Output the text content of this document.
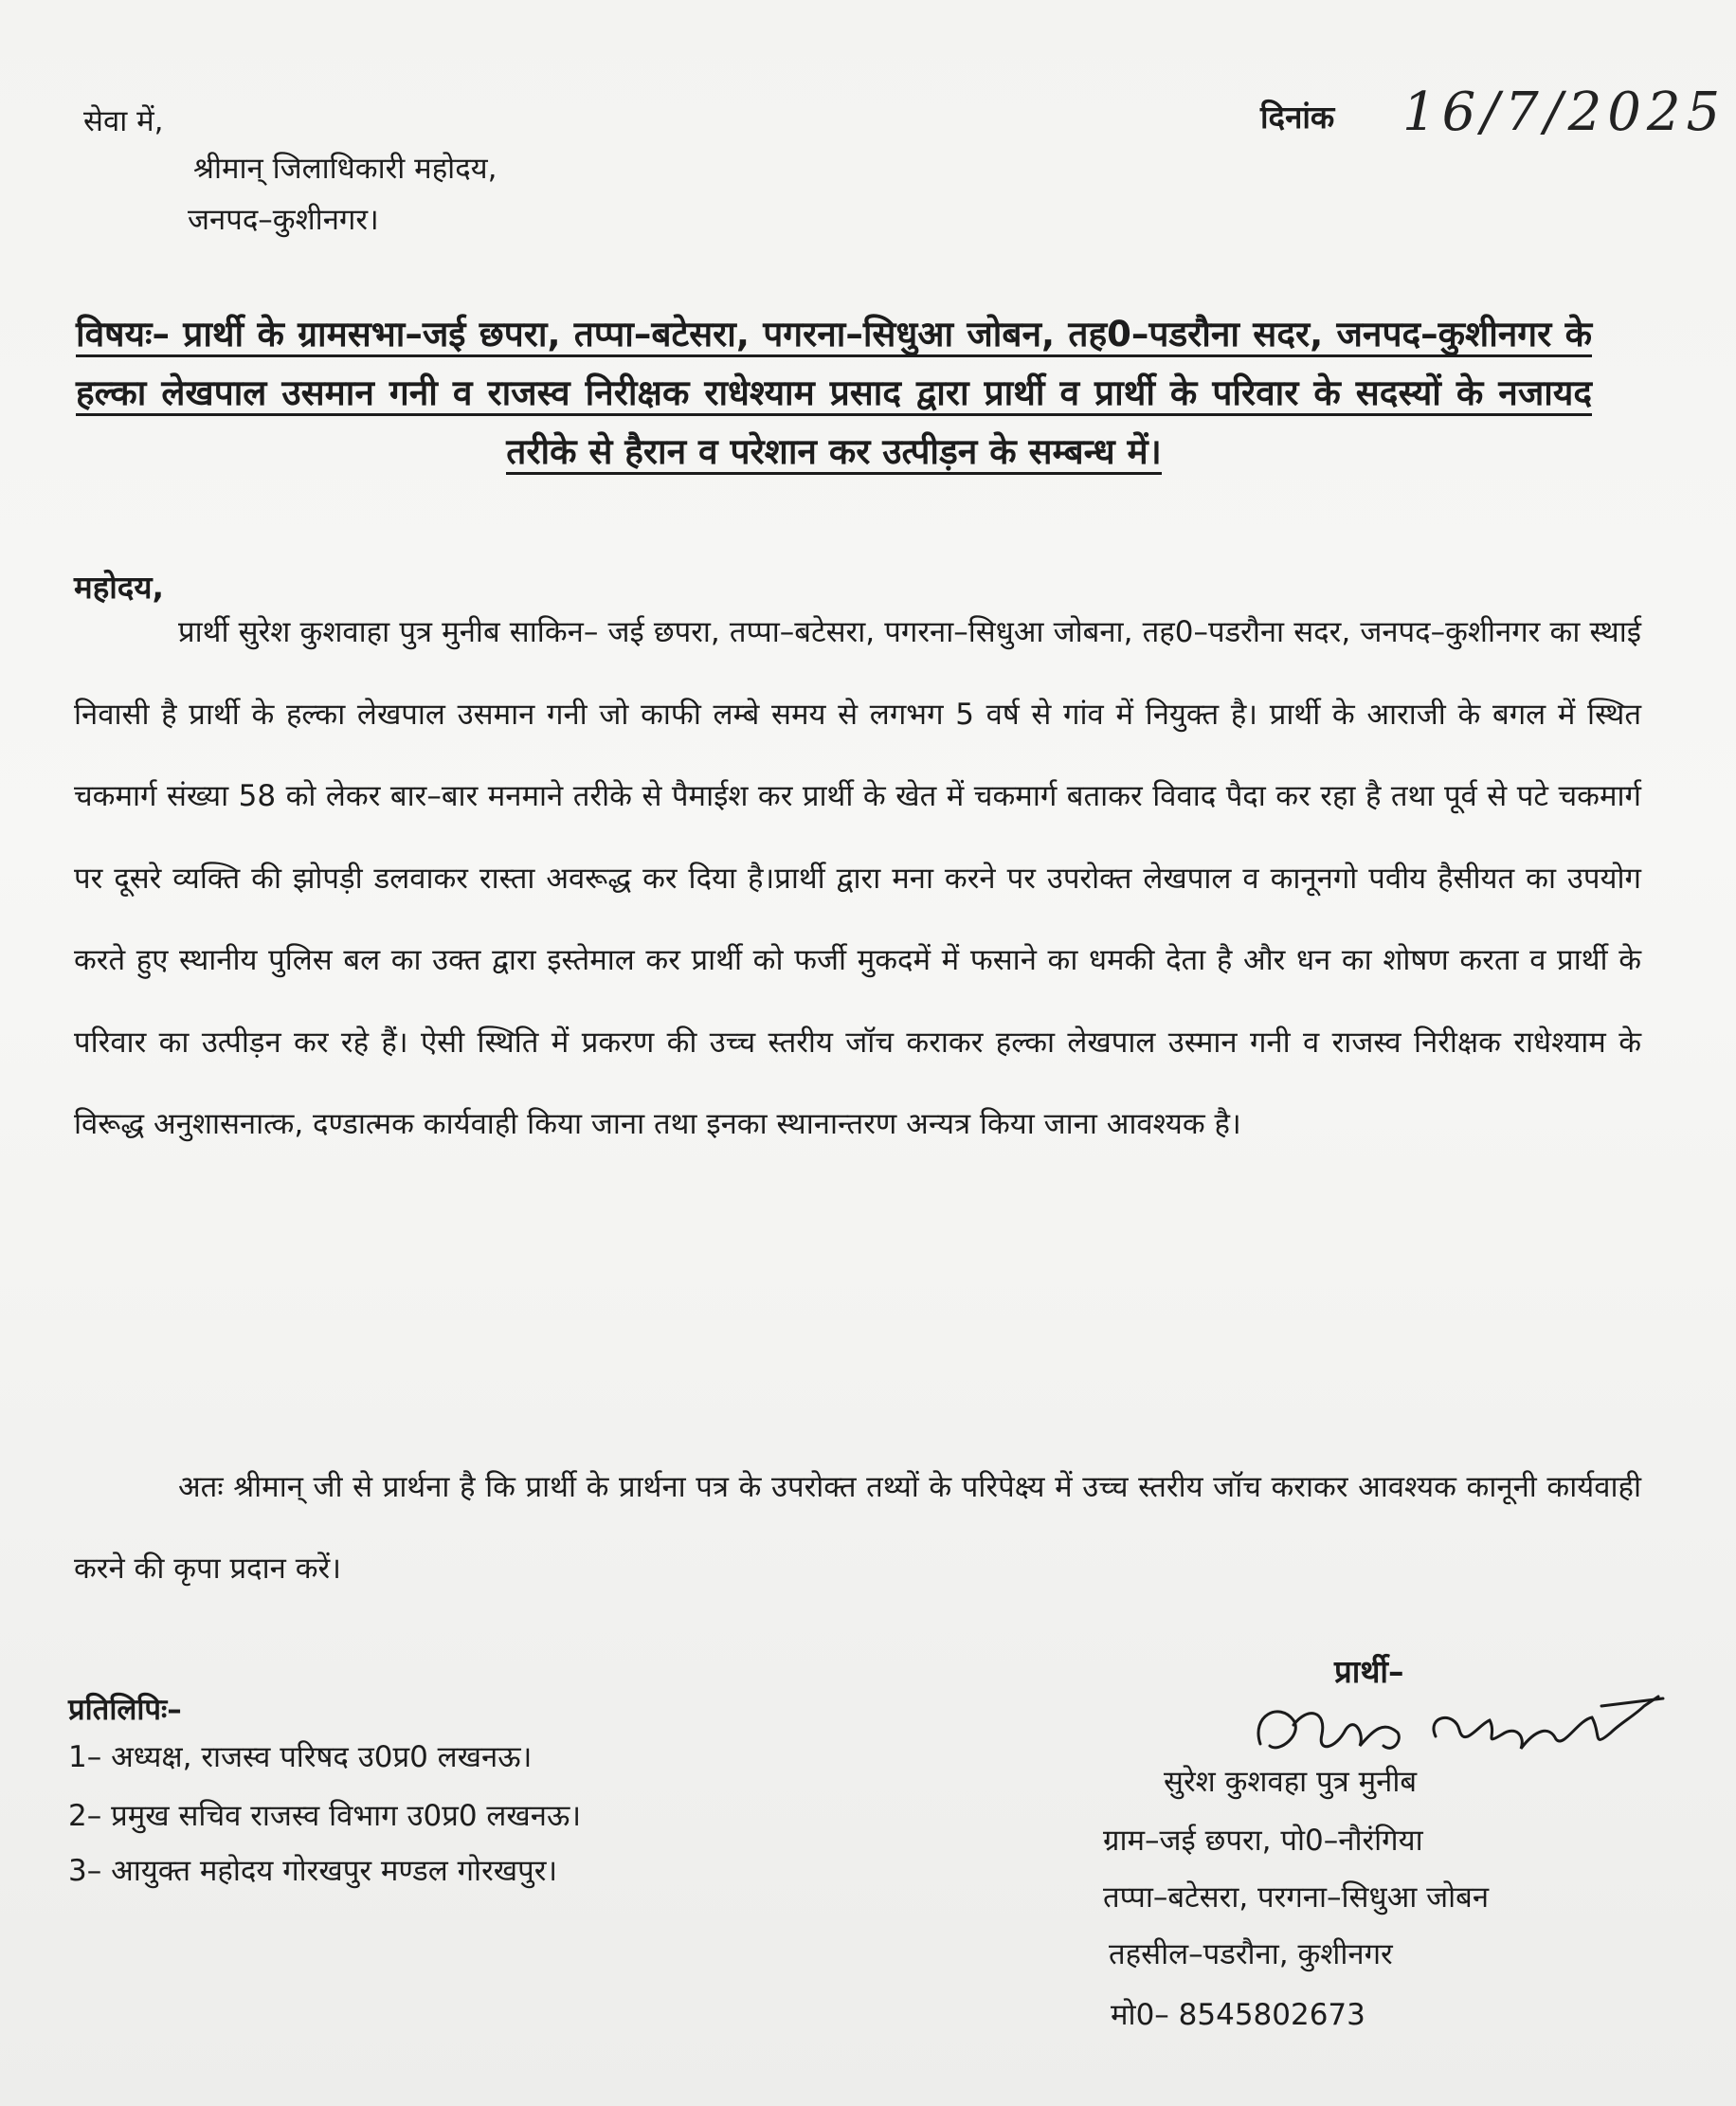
सेवा में,
श्रीमान् जिलाधिकारी महोदय,
जनपद–कुशीनगर।
दिनांक 16/7/2025
विषयः– प्रार्थी के ग्रामसभा–जई छपरा, तप्पा–बटेसरा, पगरना–सिधुआ जोबन, तह0–पडरौना सदर, जनपद–कुशीनगर के हल्का लेखपाल उसमान गनी व राजस्व निरीक्षक राधेश्याम प्रसाद द्वारा प्रार्थी व प्रार्थी के परिवार के सदस्यों के नजायद तरीके से हैरान व परेशान कर उत्पीड़न के सम्बन्ध में।
महोदय,

प्रार्थी सुरेश कुशवाहा पुत्र मुनीब साकिन– जई छपरा, तप्पा–बटेसरा, पगरना–सिधुआ जोबना, तह0–पडरौना सदर, जनपद–कुशीनगर का स्थाई निवासी है प्रार्थी के हल्का लेखपाल उसमान गनी जो काफी लम्बे समय से लगभग 5 वर्ष से गांव में नियुक्त है। प्रार्थी के आराजी के बगल में स्थित चकमार्ग संख्या 58 को लेकर बार–बार मनमाने तरीके से पैमाईश कर प्रार्थी के खेत में चकमार्ग बताकर विवाद पैदा कर रहा है तथा पूर्व से पटे चकमार्ग पर दूसरे व्यक्ति की झोपड़ी डलवाकर रास्ता अवरूद्ध कर दिया है।प्रार्थी द्वारा मना करने पर उपरोक्त लेखपाल व कानूनगो पवीय हैसीयत का उपयोग करते हुए स्थानीय पुलिस बल का उक्त द्वारा इस्तेमाल कर प्रार्थी को फर्जी मुकदमें में फसाने का धमकी देता है और धन का शोषण करता व प्रार्थी के परिवार का उत्पीड़न कर रहे हैं। ऐसी स्थिति में प्रकरण की उच्च स्तरीय जॉच कराकर हल्का लेखपाल उस्मान गनी व राजस्व निरीक्षक राधेश्याम के विरूद्ध अनुशासनात्क, दण्डात्मक कार्यवाही किया जाना तथा इनका स्थानान्तरण अन्यत्र किया जाना आवश्यक है।

अतः श्रीमान् जी से प्रार्थना है कि प्रार्थी के प्रार्थना पत्र के उपरोक्त तथ्यों के परिपेक्ष्य में उच्च स्तरीय जॉच कराकर आवश्यक कानूनी कार्यवाही करने की कृपा प्रदान करें।

प्रतिलिपिः–
1– अध्यक्ष, राजस्व परिषद उ0प्र0 लखनऊ।
2– प्रमुख सचिव राजस्व विभाग उ0प्र0 लखनऊ।
3– आयुक्त महोदय गोरखपुर मण्डल गोरखपुर।
प्रार्थी–
सुरेश कुशवहा पुत्र मुनीब
ग्राम–जई छपरा, पो0–नौरंगिया
तप्पा–बटेसरा, परगना–सिधुआ जोबन
तहसील–पडरौना, कुशीनगर
मो0– 8545802673
